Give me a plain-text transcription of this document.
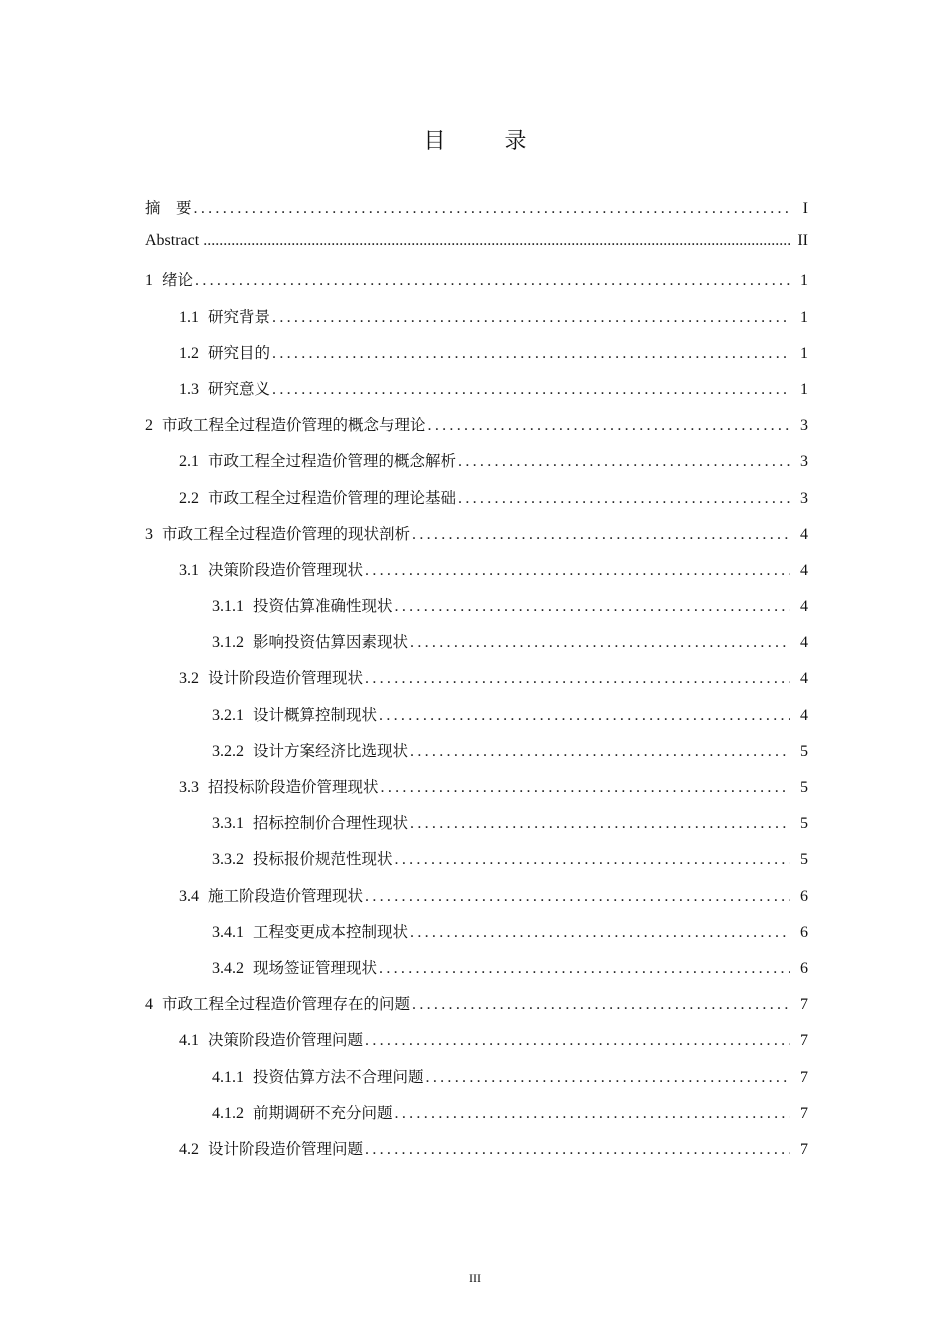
目 录
摘　要 .....	I
Abstract .....	II
1 绪论 .....	1
1.1 研究背景 .....	1
1.2 研究目的 .....	1
1.3 研究意义 .....	1
2 市政工程全过程造价管理的概念与理论 .....	3
2.1 市政工程全过程造价管理的概念解析 .....	3
2.2 市政工程全过程造价管理的理论基础 .....	3
3 市政工程全过程造价管理的现状剖析 .....	4
3.1 决策阶段造价管理现状 .....	4
3.1.1 投资估算准确性现状 .....	4
3.1.2 影响投资估算因素现状 .....	4
3.2 设计阶段造价管理现状 .....	4
3.2.1 设计概算控制现状 .....	4
3.2.2 设计方案经济比选现状 .....	5
3.3 招投标阶段造价管理现状 .....	5
3.3.1 招标控制价合理性现状 .....	5
3.3.2 投标报价规范性现状 .....	5
3.4 施工阶段造价管理现状 .....	6
3.4.1 工程变更成本控制现状 .....	6
3.4.2 现场签证管理现状 .....	6
4 市政工程全过程造价管理存在的问题 .....	7
4.1 决策阶段造价管理问题 .....	7
4.1.1 投资估算方法不合理问题 .....	7
4.1.2 前期调研不充分问题 .....	7
4.2 设计阶段造价管理问题 .....	7
III
